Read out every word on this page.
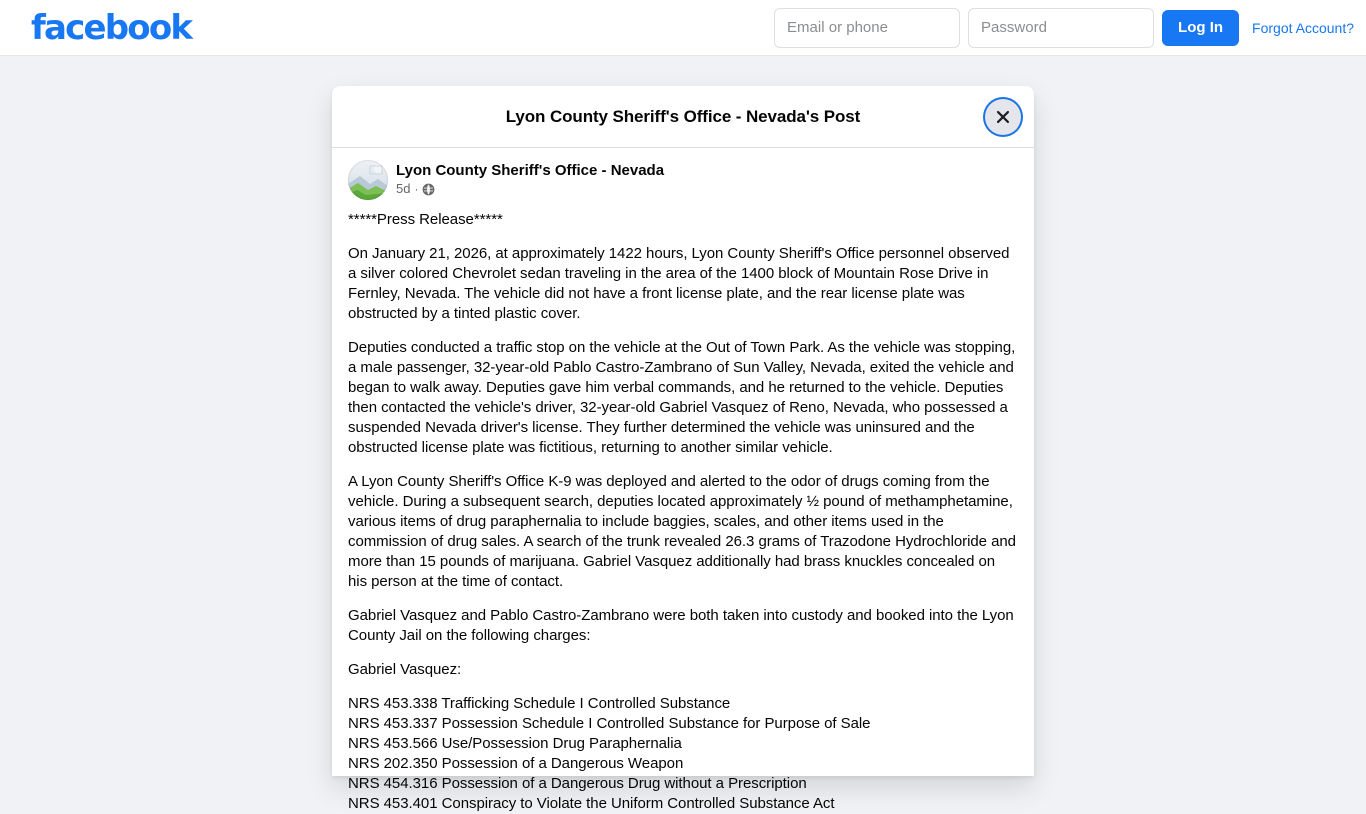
facebook
Email or phone	Log In	Forgot Account?
Lyon County Sheriff's Office - Nevada's Post
Lyon County Sheriff's Office - Nevada
5d ·

*****Press Release*****

On January 21, 2026, at approximately 1422 hours, Lyon County Sheriff's Office personnel observed a silver colored Chevrolet sedan traveling in the area of the 1400 block of Mountain Rose Drive in Fernley, Nevada. The vehicle did not have a front license plate, and the rear license plate was obstructed by a tinted plastic cover.

Deputies conducted a traffic stop on the vehicle at the Out of Town Park. As the vehicle was stopping, a male passenger, 32-year-old Pablo Castro-Zambrano of Sun Valley, Nevada, exited the vehicle and began to walk away. Deputies gave him verbal commands, and he returned to the vehicle. Deputies then contacted the vehicle's driver, 32-year-old Gabriel Vasquez of Reno, Nevada, who possessed a suspended Nevada driver's license. They further determined the vehicle was uninsured and the obstructed license plate was fictitious, returning to another similar vehicle.

A Lyon County Sheriff's Office K-9 was deployed and alerted to the odor of drugs coming from the vehicle. During a subsequent search, deputies located approximately ½ pound of methamphetamine, various items of drug paraphernalia to include baggies, scales, and other items used in the commission of drug sales. A search of the trunk revealed 26.3 grams of Trazodone Hydrochloride and more than 15 pounds of marijuana. Gabriel Vasquez additionally had brass knuckles concealed on his person at the time of contact.

Gabriel Vasquez and Pablo Castro-Zambrano were both taken into custody and booked into the Lyon County Jail on the following charges:

Gabriel Vasquez:

NRS 453.338 Trafficking Schedule I Controlled Substance

NRS 453.337 Possession Schedule I Controlled Substance for Purpose of Sale

NRS 453.566 Use/Possession Drug Paraphernalia

NRS 202.350 Possession of a Dangerous Weapon

NRS 454.316 Possession of a Dangerous Drug without a Prescription

NRS 453.401 Conspiracy to Violate the Uniform Controlled Substance Act
